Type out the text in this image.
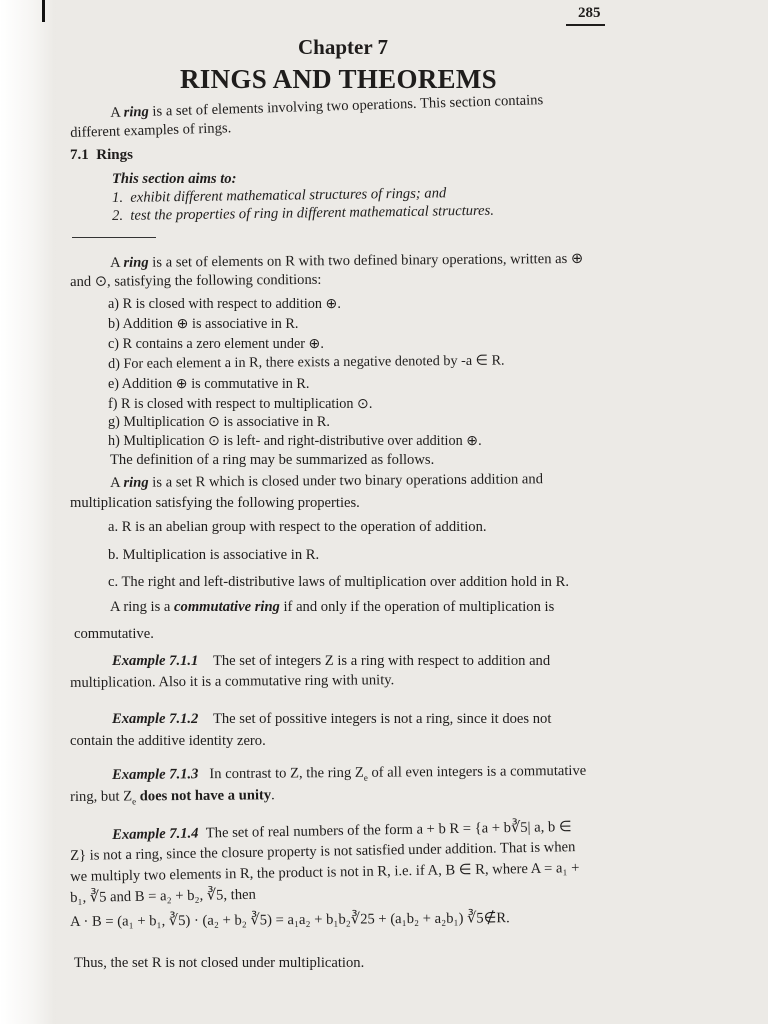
285
Chapter 7
RINGS AND THEOREMS
A ring is a set of elements involving two operations. This section contains
different examples of rings.
7.1 Rings
This section aims to:
1. exhibit different mathematical structures of rings; and
2. test the properties of ring in different mathematical structures.
A ring is a set of elements on R with two defined binary operations, written as ⊕
and ⊙, satisfying the following conditions:
a) R is closed with respect to addition ⊕.
b) Addition ⊕ is associative in R.
c) R contains a zero element under ⊕.
d) For each element a in R, there exists a negative denoted by -a ∈ R.
e) Addition ⊕ is commutative in R.
f) R is closed with respect to multiplication ⊙.
g) Multiplication ⊙ is associative in R.
h) Multiplication ⊙ is left- and right-distributive over addition ⊕.
The definition of a ring may be summarized as follows.
A ring is a set R which is closed under two binary operations addition and
multiplication satisfying the following properties.
a. R is an abelian group with respect to the operation of addition.
b. Multiplication is associative in R.
c. The right and left-distributive laws of multiplication over addition hold in R.
A ring is a commutative ring if and only if the operation of multiplication is
commutative.
Example 7.1.1 The set of integers Z is a ring with respect to addition and
multiplication. Also it is a commutative ring with unity.
Example 7.1.2 The set of possitive integers is not a ring, since it does not
contain the additive identity zero.
Example 7.1.3 In contrast to Z, the ring $Z_e$ of all even integers is a commutative
ring, but $Z_e$ does not have a unity.
Example 7.1.4 The set of real numbers of the form a + b R = {a + b∛5| a, b ∈
Z} is not a ring, since the closure property is not satisfied under addition. That is when
we multiply two elements in R, the product is not in R, i.e. if A, B ∈ R, where A = a₁ +
b₁, ∛5 and B = a₂ + b₂, ∛5, then
A · B = (a₁ + b₁, ∛5) · (a₂ + b₂ ∛5) = a₁a₂ + b₁b₂∛25 + (a₁b₂ + a₂b₁) ∛5∉R.
Thus, the set R is not closed under multiplication.
